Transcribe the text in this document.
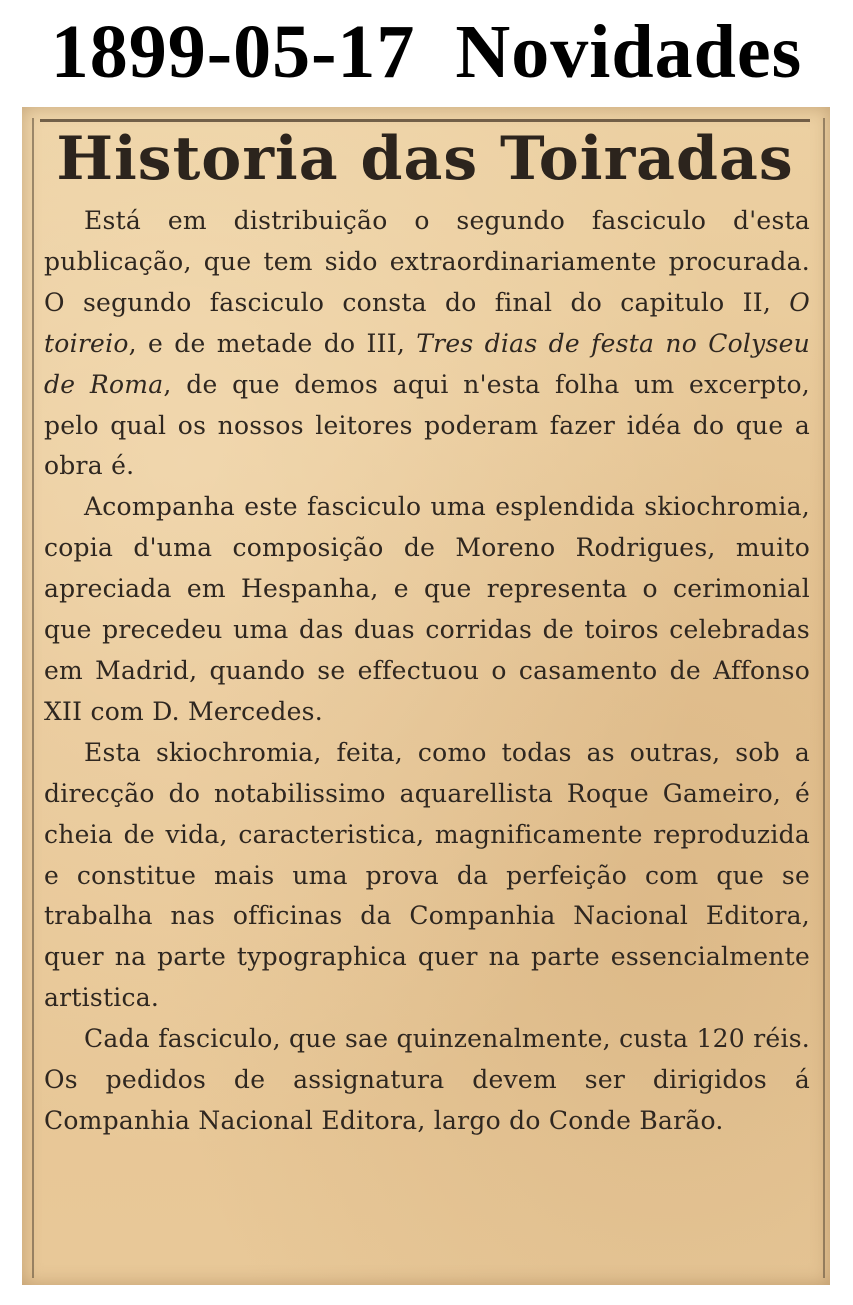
1899-05-17  Novidades
Historia das Toiradas

Está em distribuição o segundo fasciculo d'esta publicação, que tem sido extraordinariamente procurada. O segundo fasciculo consta do final do capitulo II, O toireio, e de metade do III, Tres dias de festa no Colyseu de Roma, de que demos aqui n'esta folha um excerpto, pelo qual os nossos leitores poderam fazer idéa do que a obra é.

Acompanha este fasciculo uma esplendida skiochromia, copia d'uma composição de Moreno Rodrigues, muito apreciada em Hespanha, e que representa o cerimonial que precedeu uma das duas corridas de toiros celebradas em Madrid, quando se effectuou o casamento de Affonso XII com D. Mercedes.

Esta skiochromia, feita, como todas as outras, sob a direcção do notabilissimo aquarellista Roque Gameiro, é cheia de vida, caracteristica, magnificamente reproduzida e constitue mais uma prova da perfeição com que se trabalha nas officinas da Companhia Nacional Editora, quer na parte typographica quer na parte essencialmente artistica.

Cada fasciculo, que sae quinzenalmente, custa 120 réis. Os pedidos de assignatura devem ser dirigidos á Companhia Nacional Editora, largo do Conde Barão.
